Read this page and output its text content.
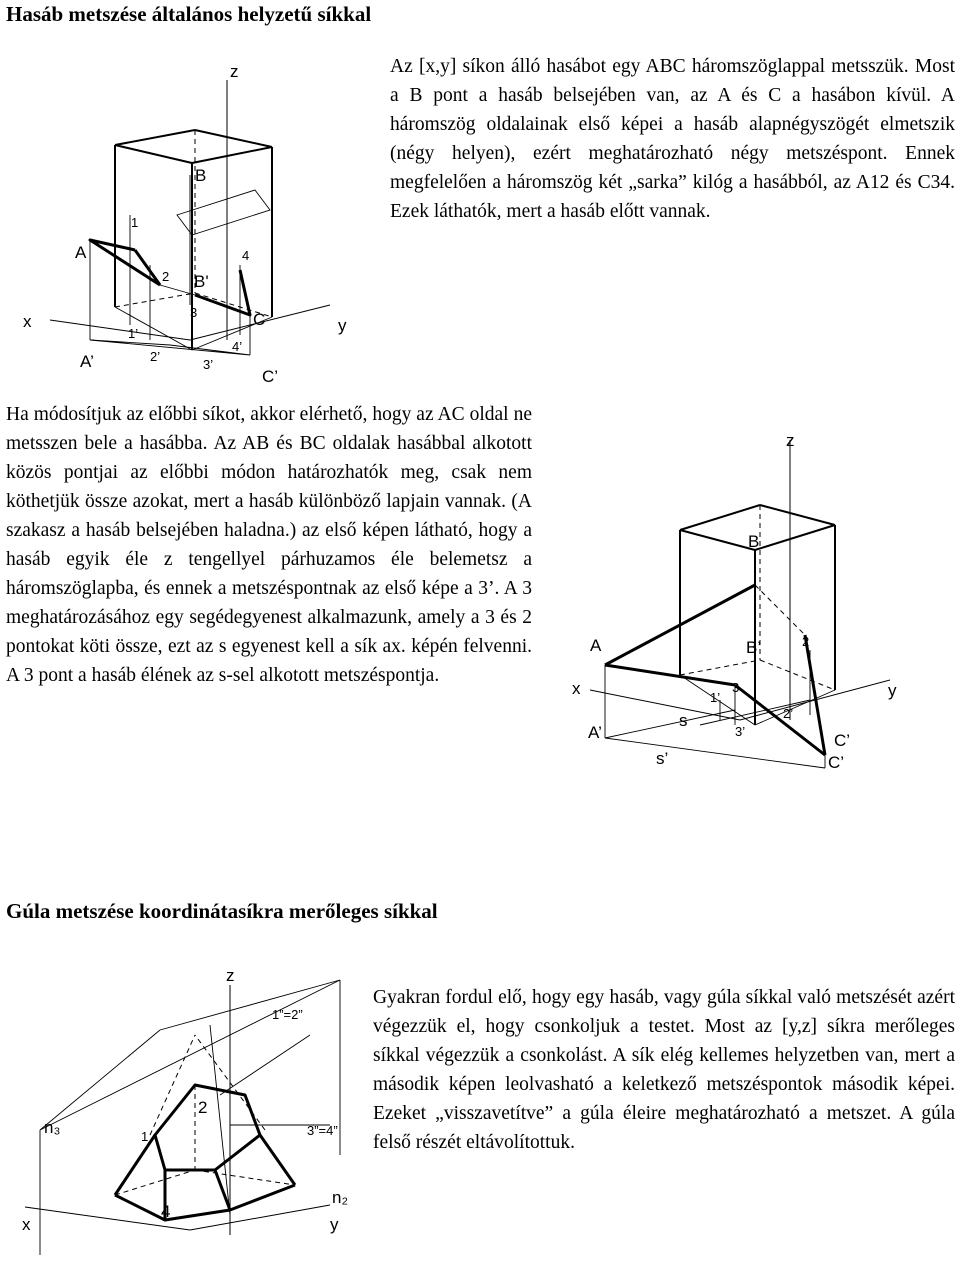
Hasáb metszése általános helyzetű síkkal
z
x	y
A
B
B'
C
A’
C’
1
2
3
4
1’
2’
3’
4’

Az [x,y] síkon álló hasábot egy ABC háromszöglappal metsszük. Most a B pont a hasáb belsejében van, az A és C a hasábon kívül. A háromszög oldalainak első képei a hasáb alapnégyszögét elmetszik (négy helyen), ezért meghatározható négy metszéspont. Ennek megfelelően a háromszög két „sarka” kilóg a hasábból, az A12 és C34. Ezek láthatók, mert a hasáb előtt vannak.

Ha módosítjuk az előbbi síkot, akkor elérhető, hogy az AC oldal ne metsszen bele a hasábba. Az AB és BC oldalak hasábbal alkotott közös pontjai az előbbi módon határozhatók meg, csak nem köthetjük össze azokat, mert a hasáb különböző lapjain vannak. (A szakasz a hasáb belsejében haladna.) az első képen látható, hogy a hasáb egyik éle z tengellyel párhuzamos éle belemetsz a háromszöglapba, és ennek a metszéspontnak az első képe a 3’. A 3 meghatározásához egy segédegyenest alkalmazunk, amely a 3 és 2 pontokat köti össze, ezt az s egyenest kell a sík ax. képén felvenni. A 3 pont a hasáb élének az s-sel alkotott metszéspontja.

z
x	y
A
A’
B
B’
C’
C’
s
s’
1’
2
2’
3
3’
Gúla metszése koordinátasíkra merőleges síkkal
z
x	y
n₃
n₂
1
2
4
1”=2”
3”=4”

Gyakran fordul elő, hogy egy hasáb, vagy gúla síkkal való metszését azért végezzük el, hogy csonkoljuk a testet. Most az [y,z] síkra merőleges síkkal végezzük a csonkolást. A sík elég kellemes helyzetben van, mert a második képen leolvasható a keletkező metszéspontok második képei. Ezeket „visszavetítve” a gúla éleire meghatározható a metszet. A gúla felső részét eltávolítottuk.
